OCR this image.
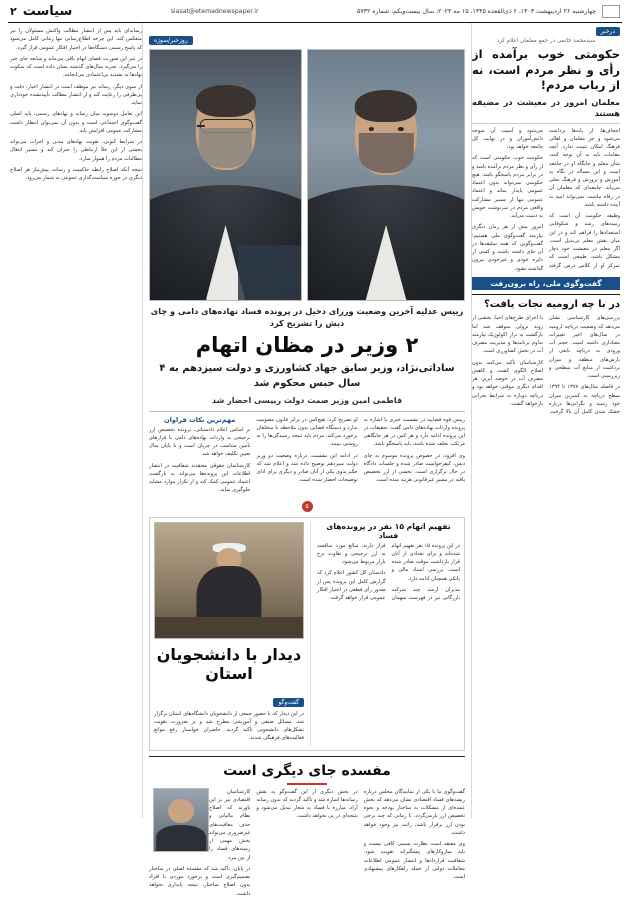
چهارشنبه ۲۶ اردیبهشت ۱۴۰۳، ۶ ذی‌القعده ۱۴۴۵، ۱۵ مه ۲۰۲۴، سال بیست‌ویکم، شماره ۵۷۳۲
siasat@etemadnewspaper.ir
سیاست
۲
درخبر
سیدمحمد خاتمی در جمع معلمان اعلام کرد
حکومتی خوب برآمده از رأی و نظر مردم است، نه از رباب مردم!
معلمان امروز در معیشت در مضیقه هستند

اجحاف‌ها، از پایه‌ها برداشته می‌شود و جز معلمان و اهالی فرهنگ امکان تثبیت ندارد. آنچه مقامات باید به آن توجه کنند، شأن معلم و جایگاه او در جامعه است و این مسأله در نگاه به آموزش و پرورش و فرهنگ تجلی می‌یابد. جامعه‌ای که معلمان آن در رفاه نباشند، نمی‌تواند امید به آینده داشته باشد.

وظیفه حکومت آن است که زمینه‌های رشد و شکوفایی استعدادها را فراهم کند و در این میان نقش معلم بی‌بدیل است. اگر معلم در معیشت خود دچار مشکل باشد، طبیعی است که تمرکز او از کلاس درس گرفته می‌شود و آسیب آن متوجه دانش‌آموزان و در نهایت کل جامعه خواهد بود.

حکومت خوب حکومتی است که از رأی و نظر مردم برآمده باشد و در برابر مردم پاسخگو باشد. هیچ حکومتی نمی‌تواند بدون اعتماد عمومی پایدار بماند و اعتماد عمومی تنها از مسیر مشارکت واقعی مردم در سرنوشت خویش به دست می‌آید.

امروز بیش از هر زمان دیگری نیازمند گفت‌وگوی ملی هستیم؛ گفت‌وگویی که همه سلیقه‌ها در آن جای داشته باشند و کسی از دایره خودی و غیرخودی بیرون گذاشته نشود.

گفت‌وگوی ملی، راه برون‌رفت
در با چه ارومیه نجات یافت؟

بررسی‌های کارشناسی نشان می‌دهد که وضعیت دریاچه ارومیه در سال‌های اخیر تغییرات معناداری داشته است. حجم آب ورودی به دریاچه تابعی از بارش‌های منطقه و میزان برداشت از منابع آب سطحی و زیرزمینی است.

در فاصله سال‌های ۱۳۷۷ تا ۱۳۹۴ سطح دریاچه به کمترین میزان خود رسید و نگرانی‌ها درباره خشک شدن کامل آن بالا گرفت. با اجرای طرح‌های احیا، بخشی از روند نزولی متوقف شد اما بازگشت به تراز اکولوژیک نیازمند تداوم برنامه‌ها و مدیریت مصرف آب در بخش کشاورزی است.

کارشناسان تأکید می‌کنند بدون اصلاح الگوی کشت و کاهش مصرف آب در حوضه آبریز، هر اقدام دیگری موقتی خواهد بود و دریاچه دوباره به شرایط بحرانی بازخواهد گشت.

روزخبر/سوژه
رییس عدلیه آخرین وضعیت وزرای دخیل در پرونده فساد نهاده‌های دامی و چای دبش را تشریح کرد
۲ وزیر در مظان اتهام
ساداتی‌نژاد، وزیر سابق جهاد کشاورزی و دولت سیزدهم به ۴ سال حبس محکوم شد
فاطمی امین وزیر صمت دولت رییسی احضار شد

رییس قوه قضاییه در نشست خبری با اشاره به پرونده واردات نهاده‌های دامی گفت: تحقیقات در این پرونده ادامه دارد و هر کس در هر جایگاهی مرتکب تخلف شده باشد، باید پاسخگو باشد.

وی افزود: در خصوص پرونده موسوم به چای دبش، کیفرخواست صادر شده و جلسات دادگاه در حال برگزاری است. بخشی از ارز تخصیص یافته در مسیر غیرقانونی هزینه شده است.

او تصریح کرد: هیچ‌کس در برابر قانون مصونیت ندارد و دستگاه قضایی بدون ملاحظه با متخلفان برخورد می‌کند. مردم باید نتیجه رسیدگی‌ها را به روشنی ببینند.

در ادامه این نشست، درباره وضعیت دو وزیر دولت سیزدهم توضیح داده شد و اعلام شد که حکم بدوی یکی از آنان صادر و دیگری برای ادای توضیحات احضار شده است.

مهم‌ترین نکات فراوان

بر اساس اعلام دادستانی، پرونده تخصیص ارز ترجیحی به واردات نهاده‌های دامی با قرارهای تأمین متناسب در جریان است و تا پایان سال تعیین تکلیف خواهد شد.

کارشناسان حقوقی معتقدند شفافیت در انتشار اطلاعات این پرونده‌ها می‌تواند به بازگشت اعتماد عمومی کمک کند و از تکرار موارد مشابه جلوگیری نماید.

۵
تفهیم اتهام ۱۵ نفر در پرونده‌های فساد

در این پرونده ۱۵ نفر تفهیم اتهام شده‌اند و برای تعدادی از آنان قرار بازداشت موقت صادر شده است. بررسی اسناد مالی و بانکی همچنان ادامه دارد.

مدیران ارشد چند شرکت بازرگانی نیز در فهرست متهمان قرار دارند. مبالغ مورد مناقشه به ارز ترجیحی و تفاوت نرخ بازار مربوط می‌شود.

دادستان کل کشور اعلام کرد که گزارش کامل این پرونده پس از صدور رأی قطعی در اختیار افکار عمومی قرار خواهد گرفت.

دیدار با دانشجویان استان
گفت‌وگو

در این دیدار که با حضور جمعی از دانشجویان دانشگاه‌های استان برگزار شد، مسائل صنفی و آموزشی مطرح شد و بر ضرورت تقویت تشکل‌های دانشجویی تأکید گردید. حاضران خواستار رفع موانع فعالیت‌های فرهنگی شدند.

مفسده جای دیگری است

گفت‌وگوی ما با یکی از نمایندگان مجلس درباره ریشه‌های فساد اقتصادی نشان می‌دهد که بخش عمده‌ای از مشکلات به ساختار بودجه و نحوه تخصیص ارز بازمی‌گردد. تا زمانی که چند نرخی بودن ارز برقرار باشد، رانت نیز وجود خواهد داشت.

وی معتقد است نظارت پسینی کافی نیست و باید سازوکارهای پیشگیرانه تقویت شود. شفافیت قراردادها و انتشار عمومی اطلاعات معاملات دولتی از جمله راهکارهای پیشنهادی است.

در بخش دیگری از این گفت‌وگو به نقش رسانه‌ها اشاره شد و تأکید گردید که بدون رسانه آزاد، مبارزه با فساد به شعار تبدیل می‌شود و نتیجه‌ای در پی نخواهد داشت.

کارشناسان اقتصادی نیز بر این باورند که اصلاح نظام مالیاتی و حذف معافیت‌های غیرضروری می‌تواند بخش مهمی از زمینه‌های فساد را از بین ببرد.

در پایان، تأکید شد که مفسده اصلی در ساختار تصمیم‌گیری است و برخورد موردی با افراد بدون اصلاح ساختار، نتیجه پایداری نخواهد داشت.

رسانه‌ای باید پس از انتشار مطالب واکنش مسئولان را نیز منعکس کند. این چرخه اطلاع‌رسانی تنها زمانی کامل می‌شود که پاسخ رسمی دستگاه‌ها در اختیار افکار عمومی قرار گیرد.

در غیر این صورت، فضای ابهام باقی می‌ماند و شایعه جای خبر را می‌گیرد. تجربه سال‌های گذشته نشان داده است که سکوت نهادها به تشدید بی‌اعتمادی می‌انجامد.

از سوی دیگر، رسانه نیز موظف است در انتشار اخبار، دقت و بی‌طرفی را رعایت کند و از انتشار مطالب تأییدنشده خودداری نماید.

این تعامل دوسویه میان رسانه و نهادهای رسمی، پایه اصلی گفت‌وگوی اجتماعی است و بدون آن نمی‌توان انتظار داشت مشارکت عمومی افزایش یابد.

در شرایط کنونی، تقویت نهادهای مدنی و احزاب می‌تواند بخشی از این خلأ ارتباطی را جبران کند و مسیر انتقال مطالبات مردم را هموار سازد.

نتیجه آنکه اصلاح رابطه حاکمیت و رسانه، پیش‌نیاز هر اصلاح دیگری در حوزه سیاست‌گذاری عمومی به شمار می‌رود.
